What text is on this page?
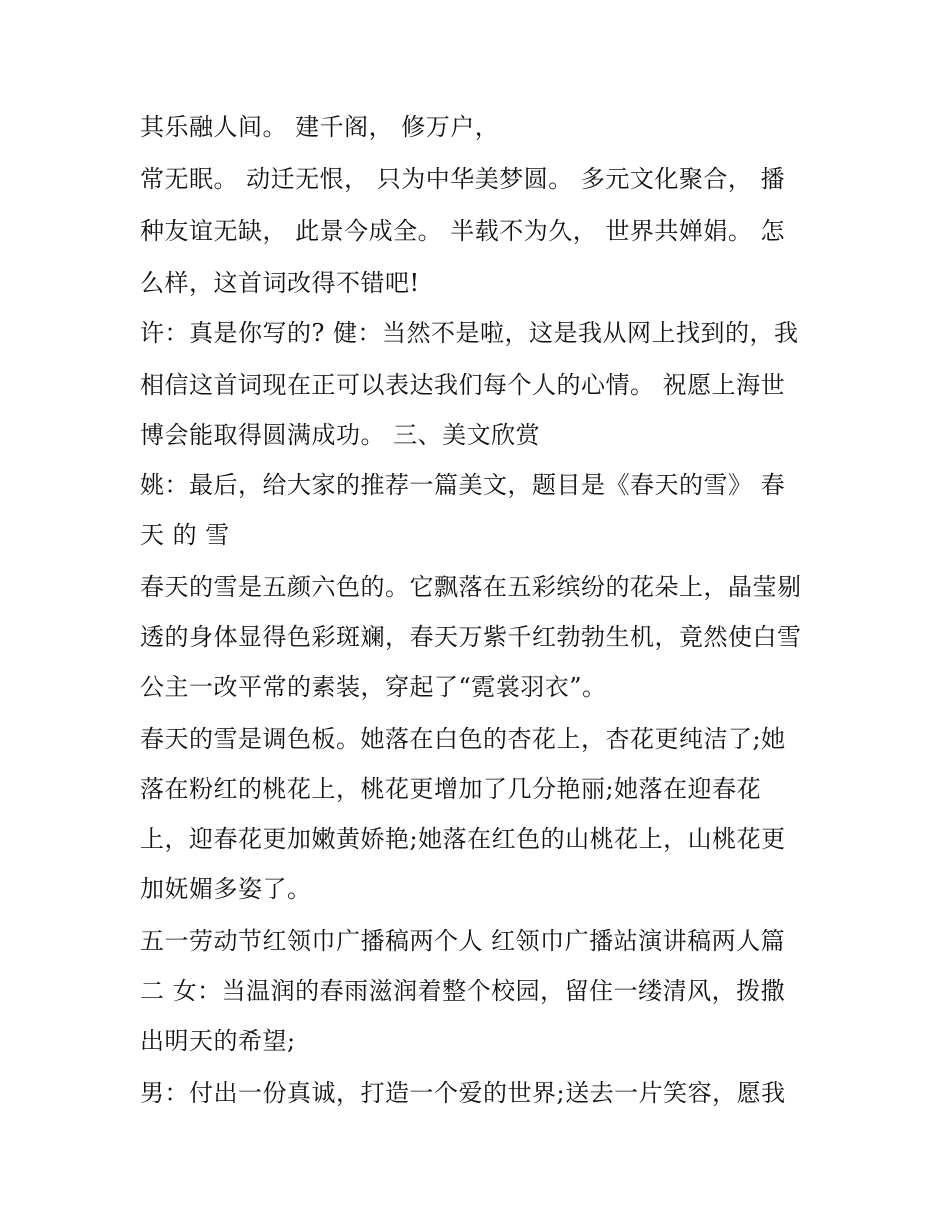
其乐融人间。 建千阁， 修万户，
常无眠。 动迁无恨， 只为中华美梦圆。 多元文化聚合， 播
种友谊无缺， 此景今成全。 半载不为久， 世界共婵娟。 怎
么样，这首词改得不错吧!
许：真是你写的? 健：当然不是啦，这是我从网上找到的，我
相信这首词现在正可以表达我们每个人的心情。 祝愿上海世
博会能取得圆满成功。 三、美文欣赏
姚：最后，给大家的推荐一篇美文，题目是《春天的雪》 春
天 的 雪
春天的雪是五颜六色的。它飘落在五彩缤纷的花朵上，晶莹剔
透的身体显得色彩斑斓，春天万紫千红勃勃生机，竟然使白雪
公主一改平常的素装，穿起了“霓裳羽衣”。
春天的雪是调色板。她落在白色的杏花上，杏花更纯洁了;她
落在粉红的桃花上，桃花更增加了几分艳丽;她落在迎春花
上，迎春花更加嫩黄娇艳;她落在红色的山桃花上，山桃花更
加妩媚多姿了。
五一劳动节红领巾广播稿两个人 红领巾广播站演讲稿两人篇
二 女：当温润的春雨滋润着整个校园，留住一缕清风，拨撒
出明天的希望;
男：付出一份真诚，打造一个爱的世界;送去一片笑容，愿我
